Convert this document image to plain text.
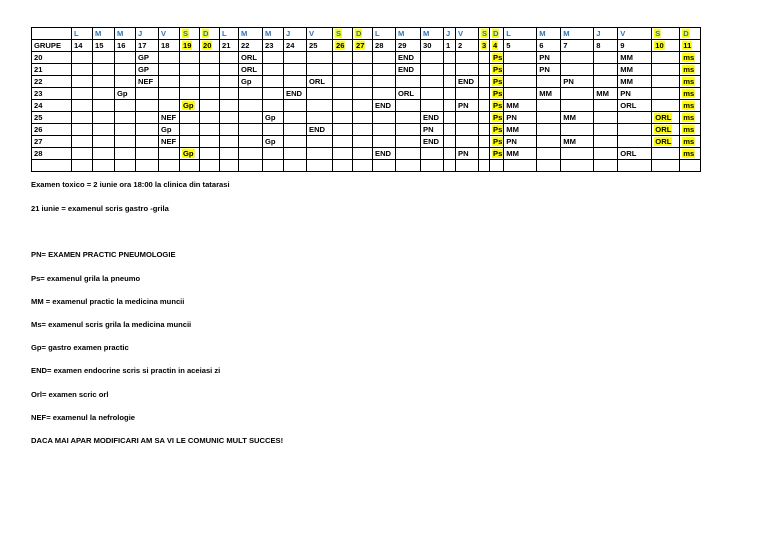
	L	M	M	J	V	S	D	L	M	M	J	V	S	D	L	M	M	J	V	S	D	L	M	M	J	V	S	D
GRUPE	14	15	16	17	18	19	20	21	22	23	24	25	26	27	28	29	30	1	2	3	4	5	6	7	8	9	10	11
20				GP					ORL							END					Ps		PN			MM		ms
21				GP					ORL							END					Ps		PN			MM		ms
22				NEF					Gp			ORL							END		Ps			PN		MM		ms
23			Gp								END					ORL					Ps		MM		MM	PN		ms
24						Gp									END				PN		Ps	MM				ORL		ms
25					NEF					Gp							END				Ps	PN		MM			ORL	ms
26					Gp							END					PN				Ps	MM					ORL	ms
27					NEF					Gp							END				Ps	PN		MM			ORL	ms
28						Gp									END				PN		Ps	MM				ORL		ms

Examen toxico = 2 iunie ora 18:00 la clinica din tatarasi
21 iunie = examenul scris gastro -grila
PN= EXAMEN PRACTIC PNEUMOLOGIE
Ps= examenul grila la pneumo
MM = examenul practic la medicina muncii
Ms= examenul scris grila la medicina muncii
Gp= gastro examen practic
END= examen endocrine scris si practin in aceiasi zi
Orl= examen scric orl
NEF= examenul la nefrologie
DACA MAI APAR MODIFICARI AM SA VI LE COMUNIC MULT SUCCES!
